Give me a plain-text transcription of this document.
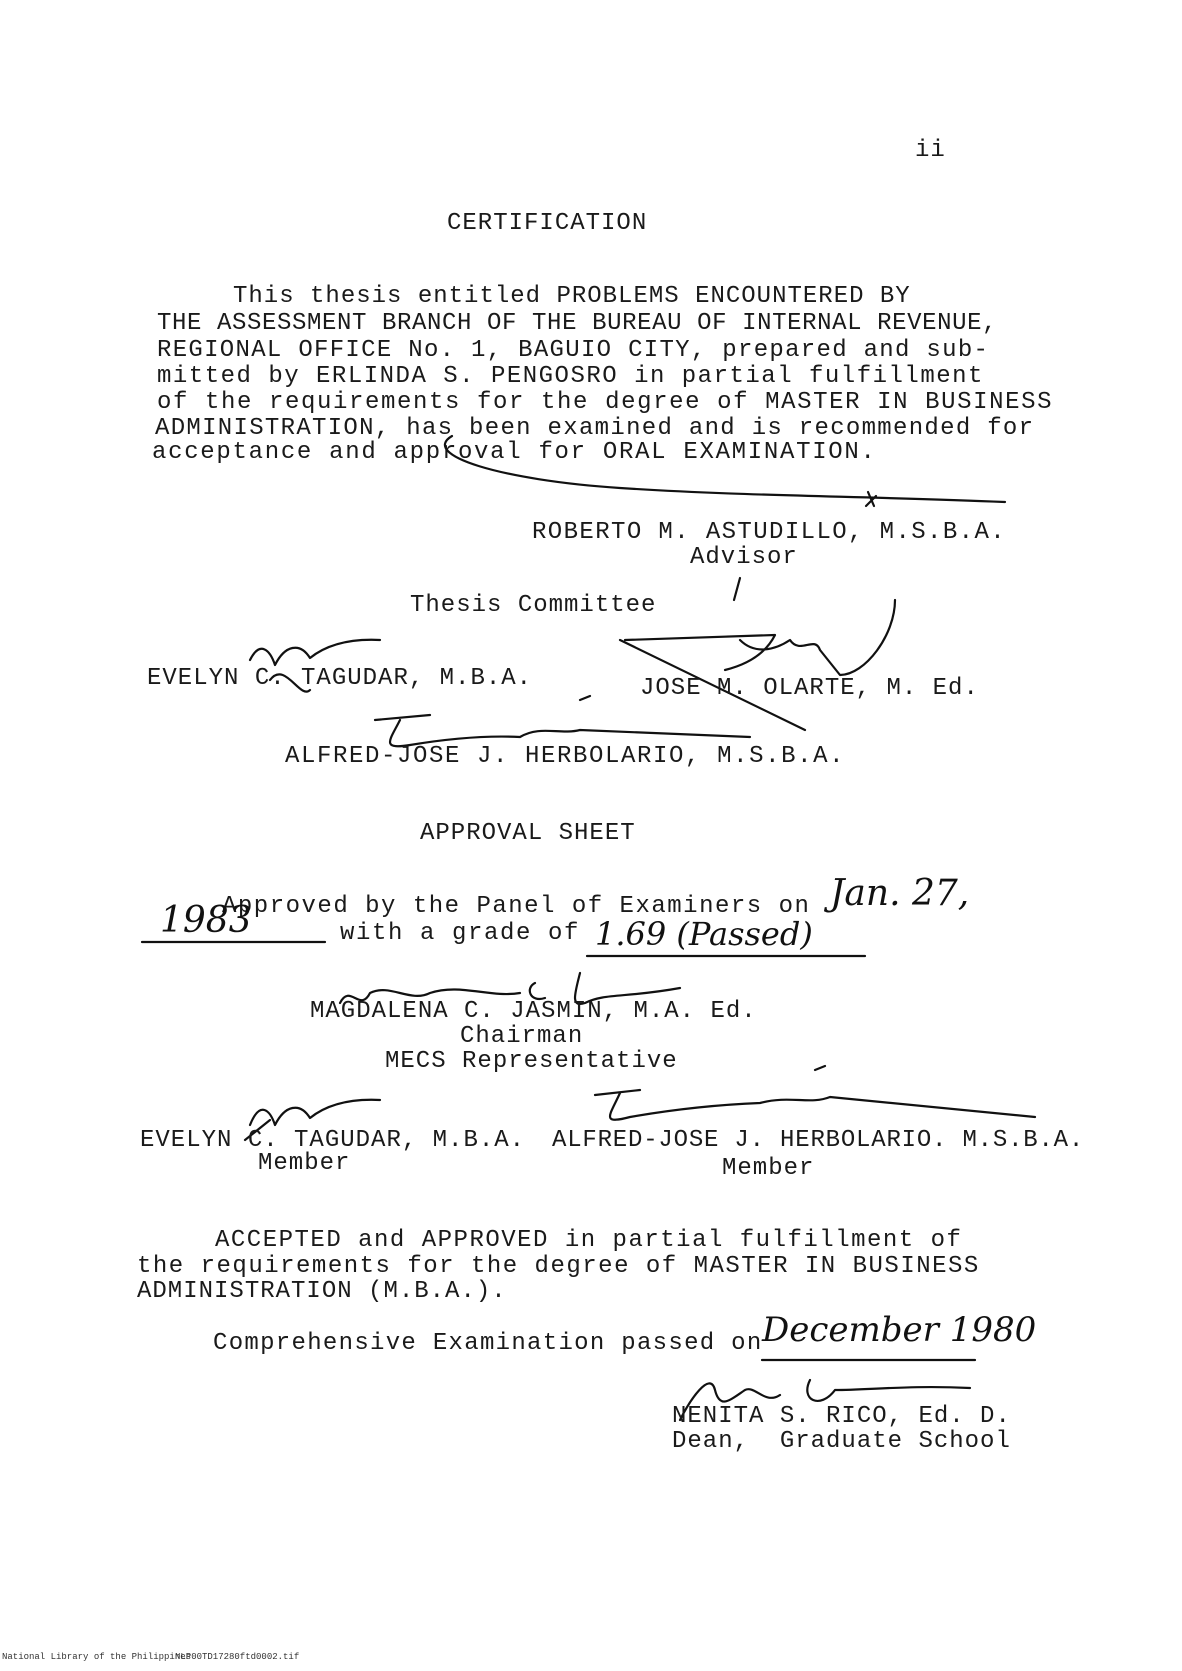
ii
CERTIFICATION
This thesis entitled PROBLEMS ENCOUNTERED BY
THE ASSESSMENT BRANCH OF THE BUREAU OF INTERNAL REVENUE,
REGIONAL OFFICE No. 1, BAGUIO CITY, prepared and sub-
mitted by ERLINDA S. PENGOSRO in partial fulfillment
of the requirements for the degree of MASTER IN BUSINESS
ADMINISTRATION, has been examined and is recommended for
acceptance and approval for ORAL EXAMINATION.
ROBERTO M. ASTUDILLO, M.S.B.A.
Advisor
Thesis Committee
EVELYN C. TAGUDAR, M.B.A.	JOSE M. OLARTE, M. Ed.
ALFRED-JOSE J. HERBOLARIO, M.S.B.A.
APPROVAL SHEET
Approved by the Panel of Examiners on Jan. 27,
1983	with a grade of 1.69 (Passed)
MAGDALENA C. JASMIN, M.A. Ed.
Chairman
MECS Representative
EVELYN C. TAGUDAR, M.B.A.
Member
ALFRED-JOSE J. HERBOLARIO. M.S.B.A.
Member
ACCEPTED and APPROVED in partial fulfillment of
the requirements for the degree of MASTER IN BUSINESS
ADMINISTRATION (M.B.A.).
Comprehensive Examination passed on December 1980
NENITA S. RICO, Ed. D.
Dean,  Graduate School
National Library of the Philippines
NLP00TD17280ftd0002.tif
